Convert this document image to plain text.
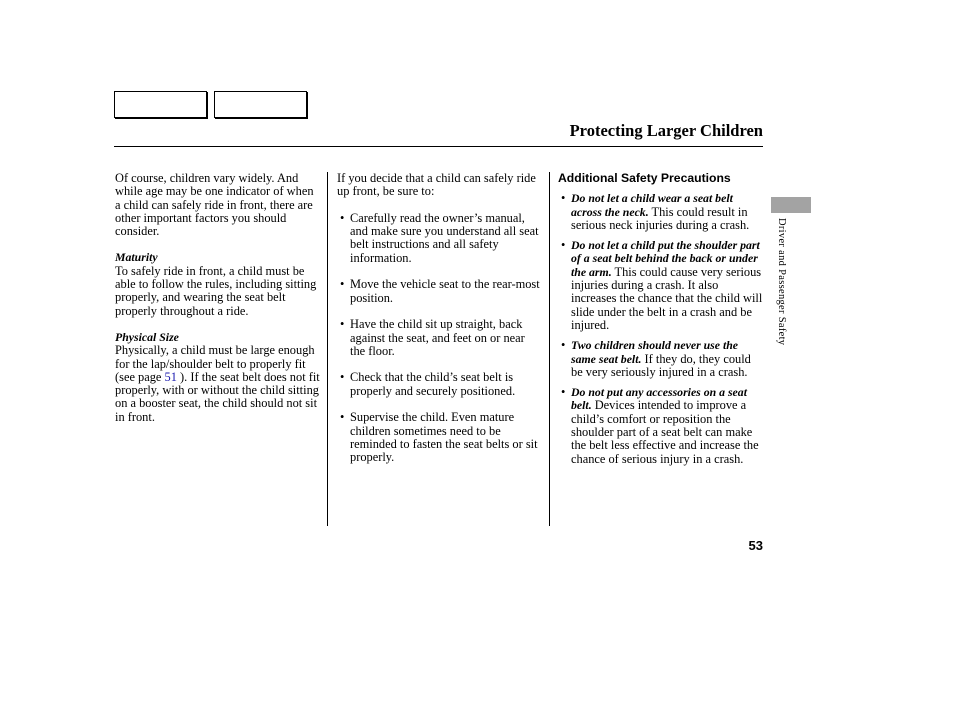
Protecting Larger Children

Of course, children vary widely. And while age may be one indicator of when a child can safely ride in front, there are other important factors you should consider.

Maturity

To safely ride in front, a child must be able to follow the rules, including sitting properly, and wearing the seat belt properly throughout a ride.

Physical Size

Physically, a child must be large enough for the lap/shoulder belt to properly fit (see page 51 ). If the seat belt does not fit properly, with or without the child sitting on a booster seat, the child should not sit in front.

If you decide that a child can safely ride up front, be sure to:

• Carefully read the owner’s manual, and make sure you understand all seat belt instructions and all safety information.
• Move the vehicle seat to the rear-most position.
• Have the child sit up straight, back against the seat, and feet on or near the floor.
• Check that the child’s seat belt is properly and securely positioned.
• Supervise the child. Even mature children sometimes need to be reminded to fasten the seat belts or sit properly.

Additional Safety Precautions

• Do not let a child wear a seat belt across the neck. This could result in serious neck injuries during a crash.
• Do not let a child put the shoulder part of a seat belt behind the back or under the arm. This could cause very serious injuries during a crash. It also increases the chance that the child will slide under the belt in a crash and be injured.
• Two children should never use the same seat belt. If they do, they could be very seriously injured in a crash.
• Do not put any accessories on a seat belt. Devices intended to improve a child’s comfort or reposition the shoulder part of a seat belt can make the belt less effective and increase the chance of serious injury in a crash.
Driver and Passenger Safety
53
